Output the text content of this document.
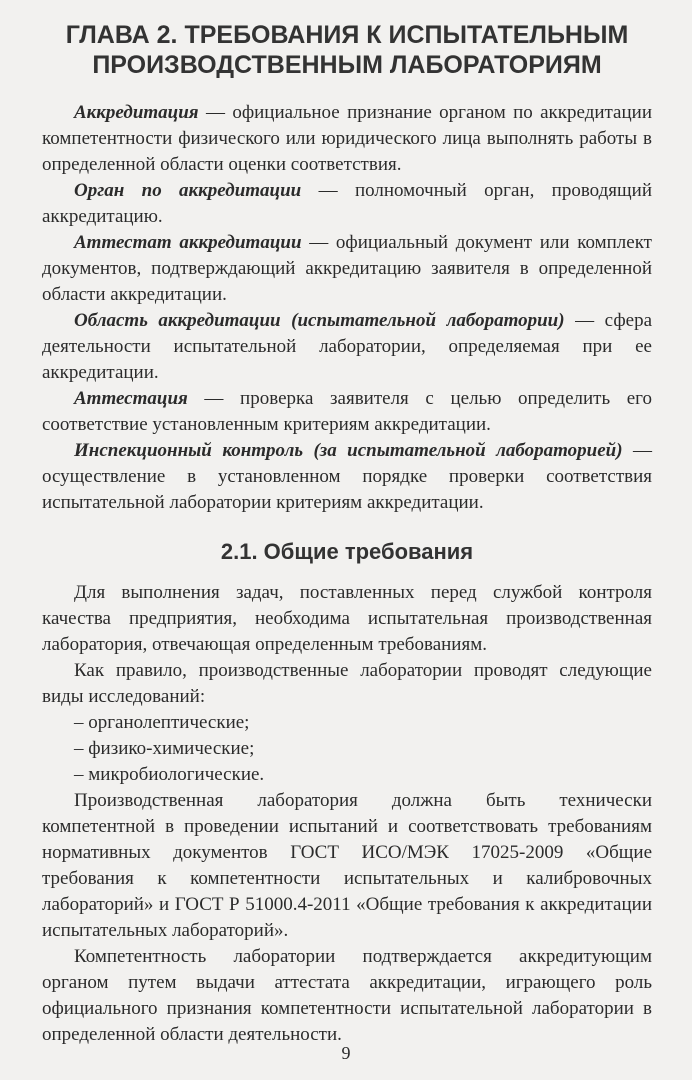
ГЛАВА 2. ТРЕБОВАНИЯ К ИСПЫТАТЕЛЬНЫМ
ПРОИЗВОДСТВЕННЫМ ЛАБОРАТОРИЯМ

Аккредитация — официальное признание органом по аккредитации компетентности физического или юридического лица выполнять работы в определенной области оценки соответствия.

Орган по аккредитации — полномочный орган, проводящий аккредитацию.

Аттестат аккредитации — официальный документ или комплект документов, подтверждающий аккредитацию заявителя в определенной области аккредитации.

Область аккредитации (испытательной лаборатории) — сфера деятельности испытательной лаборатории, определяемая при ее аккредитации.

Аттестация — проверка заявителя с целью определить его соответствие установленным критериям аккредитации.

Инспекционный контроль (за испытательной лабораторией) — осуществление в установленном порядке проверки соответствия испытательной лаборатории критериям аккредитации.

2.1. Общие требования

Для выполнения задач, поставленных перед службой контроля качества предприятия, необходима испытательная производственная лаборатория, отвечающая определенным требованиям.

Как правило, производственные лаборатории проводят следующие виды исследований:

– органолептические;
– физико-химические;
– микробиологические.

Производственная лаборатория должна быть технически компетентной в проведении испытаний и соответствовать требованиям нормативных документов ГОСТ ИСО/МЭК 17025-2009 «Общие требования к компетентности испытательных и калибровочных лабораторий» и ГОСТ Р 51000.4-2011 «Общие требования к аккредитации испытательных лабораторий».

Компетентность лаборатории подтверждается аккредитующим органом путем выдачи аттестата аккредитации, играющего роль официального признания компетентности испытательной лаборатории в определенной области деятельности.

9
